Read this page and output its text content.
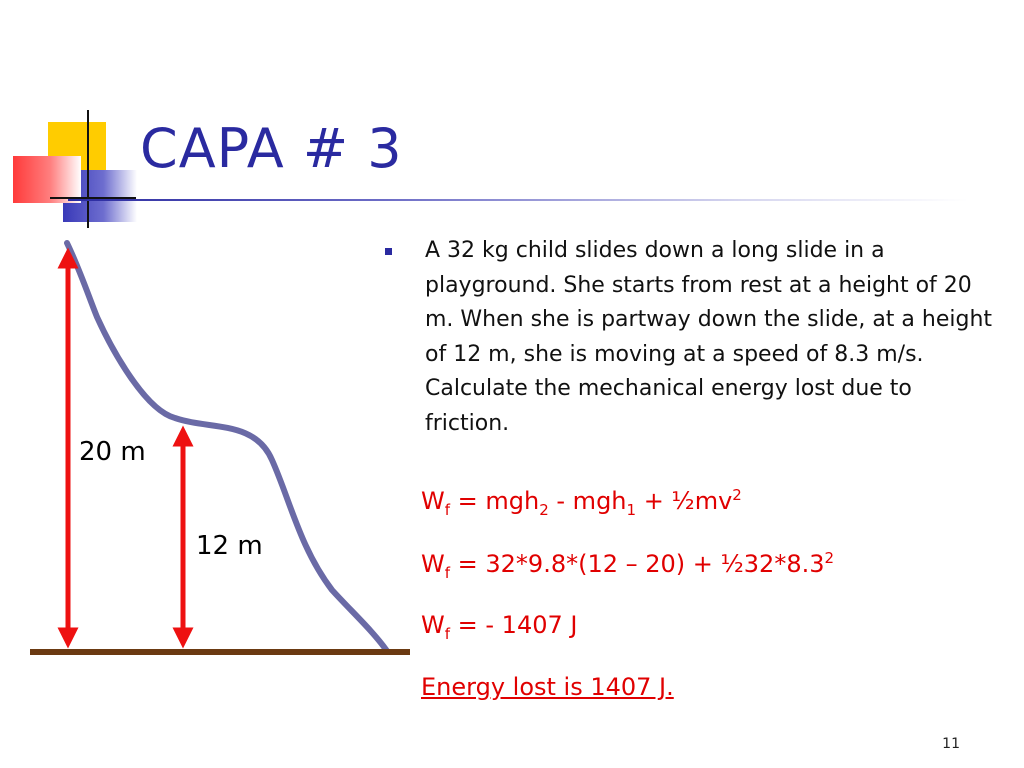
CAPA # 3
20 m
12 m
A 32 kg child slides down a long slide in a playground. She starts from rest at a height of 20 m. When she is partway down the slide, at a height of 12 m, she is moving at a speed of 8.3 m/s. Calculate the mechanical energy lost due to friction.
$W_f = mgh_2 - mgh_1$ + $\frac{1}{2}mv^2$
$W_f = 32*9.8*(12 - 20)$ + $\frac{1}{2}32*8.3^2$
$W_f$ = - 1407 J
Energy lost is 1407 J.
11
